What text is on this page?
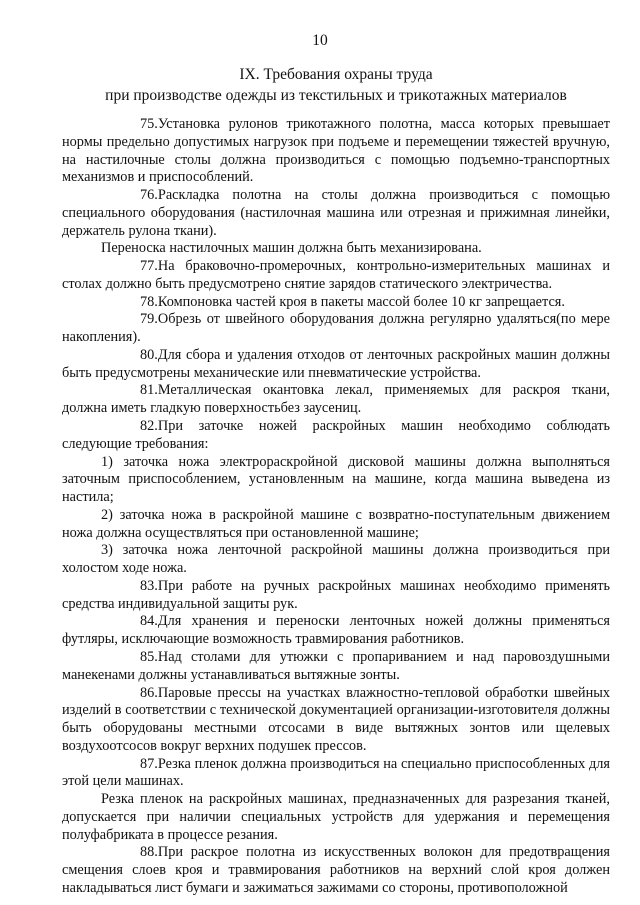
10
IX. Требования охраны труда
при производстве одежды из текстильных и трикотажных материалов

75.Установка рулонов трикотажного полотна, масса которых превышает нормы предельно допустимых нагрузок при подъеме и перемещении тяжестей вручную, на настилочные столы должна производиться с помощью подъемно-транспортных механизмов и приспособлений.

76.Раскладка полотна на столы должна производиться с помощью специального оборудования (настилочная машина или отрезная и прижимная линейки, держатель рулона ткани).

Переноска настилочных машин должна быть механизирована.

77.На браковочно-промерочных, контрольно-измерительных машинах и столах должно быть предусмотрено снятие зарядов статического электричества.

78.Компоновка частей кроя в пакеты массой более 10 кг запрещается.

79.Обрезь от швейного оборудования должна регулярно удаляться(по мере накопления).

80.Для сбора и удаления отходов от ленточных раскройных машин должны быть предусмотрены механические или пневматические устройства.

81.Металлическая окантовка лекал, применяемых для раскроя ткани, должна иметь гладкую поверхностьбез заусениц.

82.При заточке ножей раскройных машин необходимо соблюдать следующие требования:

1) заточка ножа электрораскройной дисковой машины должна выполняться заточным приспособлением, установленным на машине, когда машина выведена из настила;

2) заточка ножа в раскройной машине с возвратно-поступательным движением ножа должна осуществляться при остановленной машине;

3) заточка ножа ленточной раскройной машины должна производиться при холостом ходе ножа.

83.При работе на ручных раскройных машинах необходимо применять средства индивидуальной защиты рук.

84.Для хранения и переноски ленточных ножей должны применяться футляры, исключающие возможность травмирования работников.

85.Над столами для утюжки с пропариванием и над паровоздушными манекенами должны устанавливаться вытяжные зонты.

86.Паровые прессы на участках влажностно-тепловой обработки швейных изделий в соответствии с технической документацией организации-изготовителя должны быть оборудованы местными отсосами в виде вытяжных зонтов или щелевых воздухоотсосов вокруг верхних подушек прессов.

87.Резка пленок должна производиться на специально приспособленных для этой цели машинах.

Резка пленок на раскройных машинах, предназначенных для разрезания тканей, допускается при наличии специальных устройств для удержания и перемещения полуфабриката в процессе резания.

88.При раскрое полотна из искусственных волокон для предотвращения смещения слоев кроя и травмирования работников на верхний слой кроя должен накладываться лист бумаги и зажиматься зажимами со стороны, противоположной
